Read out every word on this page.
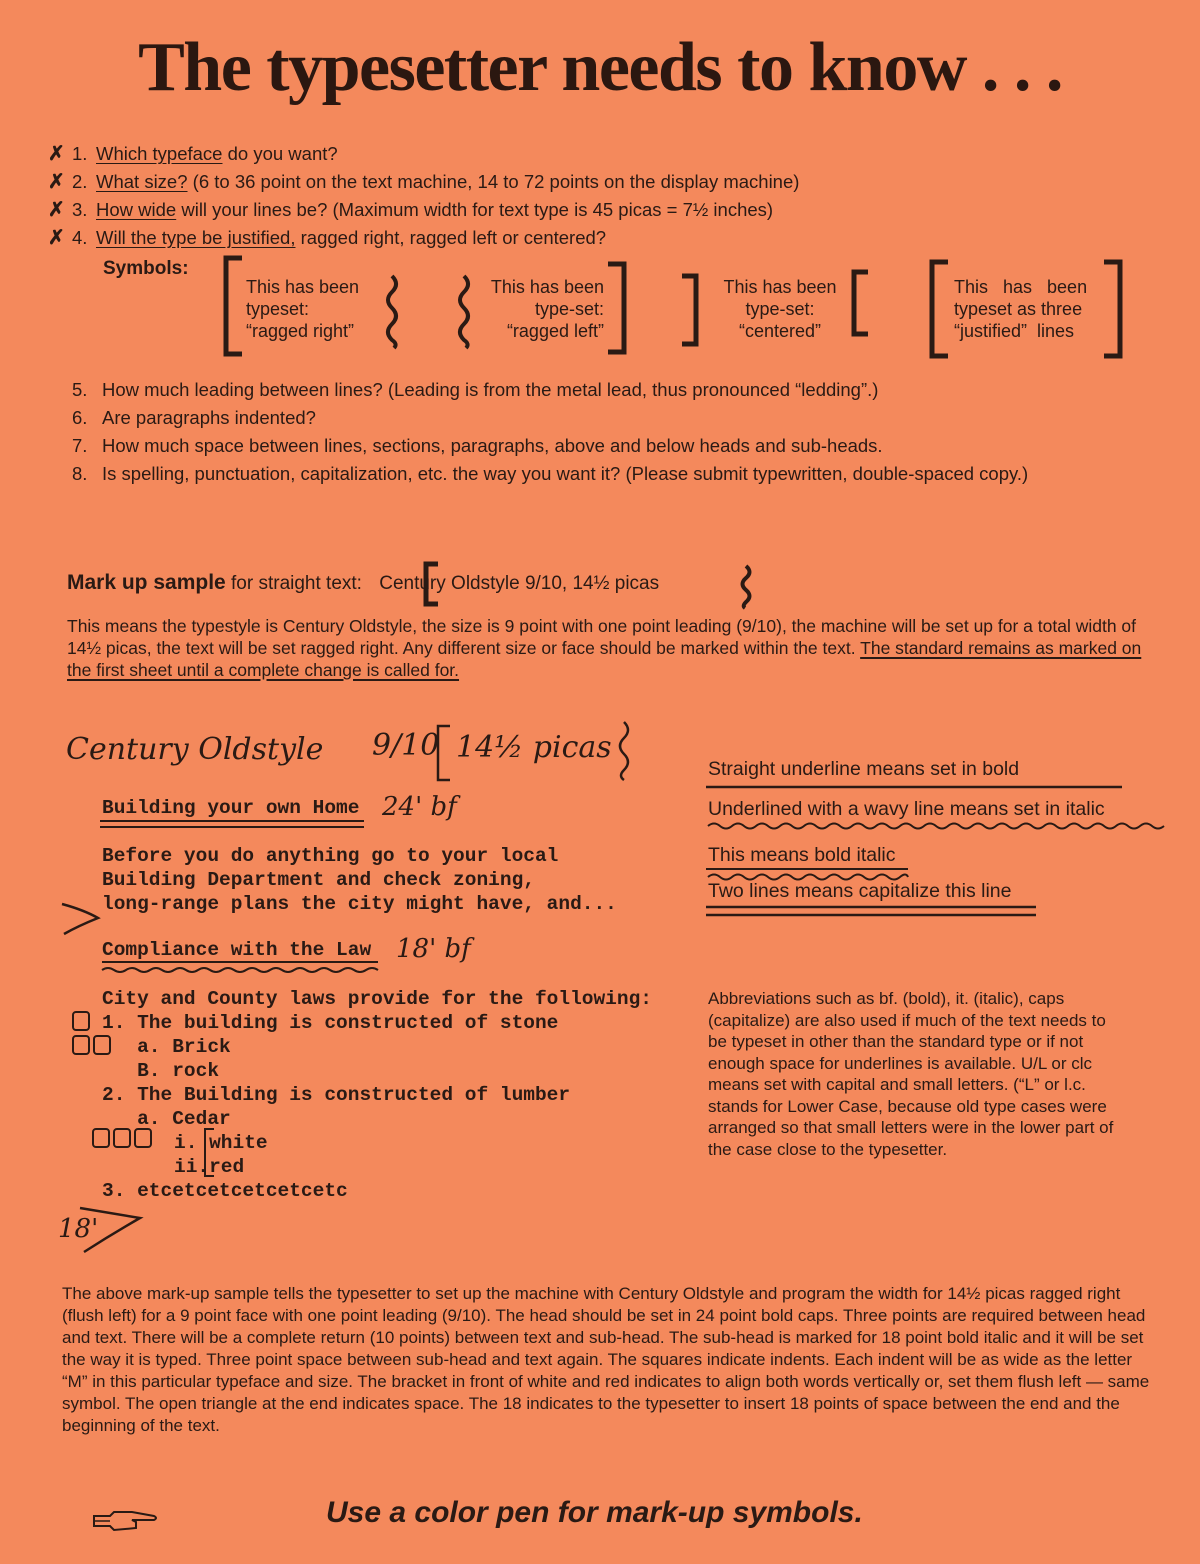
The typesetter needs to know . . .
✗ 1. Which typeface do you want?
✗ 2. What size? (6 to 36 point on the text machine, 14 to 72 points on the display machine)
✗ 3. How wide will your lines be? (Maximum width for text type is 45 picas = 7½ inches)
✗ 4. Will the type be justified, ragged right, ragged left or centered?
Symbols:
This has been
typeset:
“ragged right”
This has been
type-set:
“ragged left”
This has been
type-set:
“centered”
This   has   been
typeset as three
“justified”  lines
5. How much leading between lines? (Leading is from the metal lead, thus pronounced “ledding”.)
6. Are paragraphs indented?
7. How much space between lines, sections, paragraphs, above and below heads and sub-heads.
8. Is spelling, punctuation, capitalization, etc. the way you want it? (Please submit typewritten, double-spaced copy.)
Mark up sample for straight text: Century Oldstyle 9/10, 14½ picas
This means the typestyle is Century Oldstyle, the size is 9 point with one point leading (9/10), the machine will be set up for a total width of 14½ picas, the text will be set ragged right. Any different size or face should be marked within the text. The standard remains as marked on the first sheet until a complete change is called for.
Century Oldstyle 9/10 14½ picas
Building your own Home 24' bf
Before you do anything go to your local
Building Department and check zoning,
long-range plans the city might have, and...
Compliance with the Law 18' bf
City and County laws provide for the following:
1. The building is constructed of stone
a. Brick
B. rock
2. The Building is constructed of lumber
a. Cedar
i. white
ii.red
3. etcetcetcetcetcetc
18'
Straight underline means set in bold
Underlined with a wavy line means set in italic
This means bold italic
Two lines means capitalize this line
Abbreviations such as bf. (bold), it. (italic), caps (capitalize) are also used if much of the text needs to be typeset in other than the standard type or if not enough space for underlines is available. U/L or clc means set with capital and small letters. (“L” or l.c. stands for Lower Case, because old type cases were arranged so that small letters were in the lower part of the case close to the typesetter.
The above mark-up sample tells the typesetter to set up the machine with Century Oldstyle and program the width for 14½ picas ragged right (flush left) for a 9 point face with one point leading (9/10). The head should be set in 24 point bold caps. Three points are required between head and text. There will be a complete return (10 points) between text and sub-head. The sub-head is marked for 18 point bold italic and it will be set the way it is typed. Three point space between sub-head and text again. The squares indicate indents. Each indent will be as wide as the letter “M” in this particular typeface and size. The bracket in front of white and red indicates to align both words vertically or, set them flush left — same symbol. The open triangle at the end indicates space. The 18 indicates to the typesetter to insert 18 points of space between the end and the beginning of the text.
Use a color pen for mark-up symbols.
